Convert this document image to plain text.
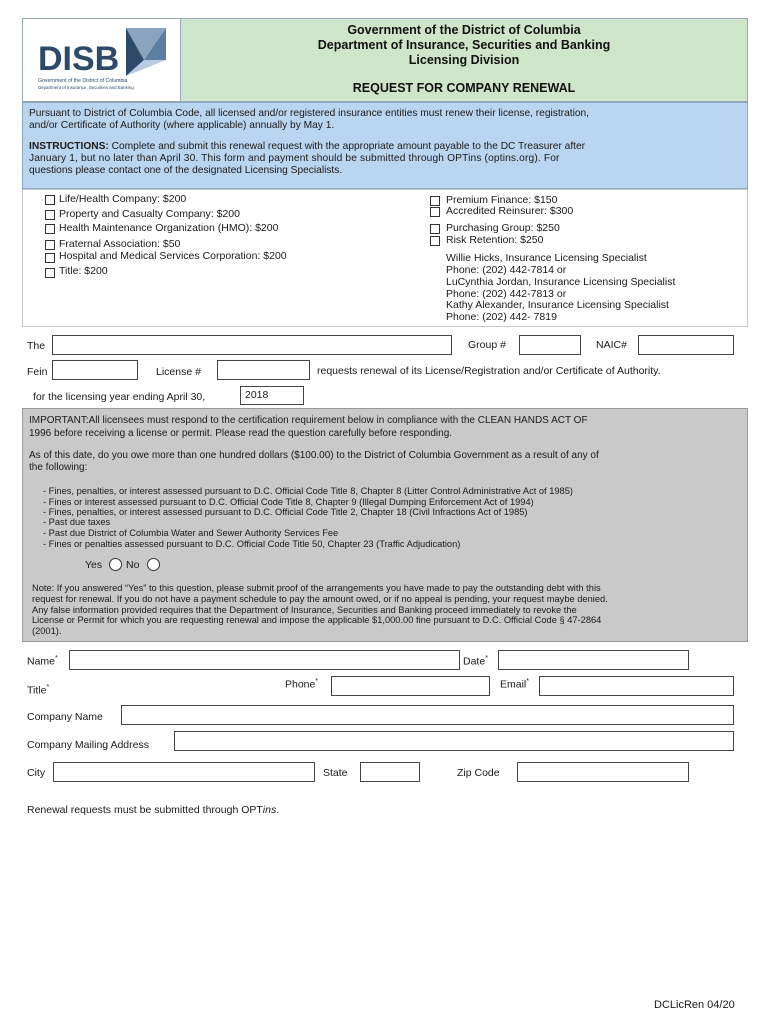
DISB
Government of the District of Columbia
Department of Insurance, Securities and Banking
Government of the District of Columbia
Department of Insurance, Securities and Banking
Licensing Division
REQUEST FOR COMPANY RENEWAL
Pursuant to District of Columbia Code, all licensed and/or registered insurance entities must renew their license, registration,
and/or Certificate of Authority (where applicable) annually by May 1.
INSTRUCTIONS: Complete and submit this renewal request with the appropriate amount payable to the DC Treasurer after
January 1, but no later than April 30. This form and payment should be submitted through OPTins (optins.org). For
questions please contact one of the designated Licensing Specialists.
Life/Health Company: $200
Property and Casualty Company: $200
Health Maintenance Organization (HMO): $200
Fraternal Association: $50
Hospital and Medical Services Corporation: $200
Title: $200
Premium Finance: $150
Accredited Reinsurer: $300
Purchasing Group: $250
Risk Retention: $250
Willie Hicks, Insurance Licensing Specialist
Phone: (202) 442-7814 or
LuCynthia Jordan, Insurance Licensing Specialist
Phone: (202) 442-7813 or
Kathy Alexander, Insurance Licensing Specialist
Phone: (202) 442- 7819
The	Group #	NAIC#
Fein	License #	requests renewal of its License/Registration and/or Certificate of Authority.
for the licensing year ending April 30,	2018
IMPORTANT:All licensees must respond to the certification requirement below in compliance with the CLEAN HANDS ACT OF
1996 before receiving a license or permit. Please read the question carefully before responding.
As of this date, do you owe more than one hundred dollars ($100.00) to the District of Columbia Government as a result of any of
the following:
- Fines, penalties, or interest assessed pursuant to D.C. Official Code Title 8, Chapter 8 (Litter Control Administrative Act of 1985)
- Fines or interest assessed pursuant to D.C. Official Code Title 8, Chapter 9 (Illegal Dumping Enforcement Act of 1994)
- Fines, penalties, or interest assessed pursuant to D.C. Official Code Title 2, Chapter 18 (Civil Infractions Act of 1985)
- Past due taxes
- Past due District of Columbia Water and Sewer Authority Services Fee
- Fines or penalties assessed pursuant to D.C. Official Code Title 50, Chapter 23 (Traffic Adjudication)
Yes No
Note: If you answered “Yes” to this question, please submit proof of the arrangements you have made to pay the outstanding debt with this
request for renewal. If you do not have a payment schedule to pay the amount owed, or if no appeal is pending, your request maybe denied.
Any false information provided requires that the Department of Insurance, Securities and Banking proceed immediately to revoke the
License or Permit for which you are requesting renewal and impose the applicable $1,000.00 fine pursuant to D.C. Official Code § 47-2864
(2001).
Name*	Date*
Title*	Phone*	Email*
Company Name
Company Mailing Address
City	State	Zip Code
Renewal requests must be submitted through OPTins.
DCLicRen 04/20
